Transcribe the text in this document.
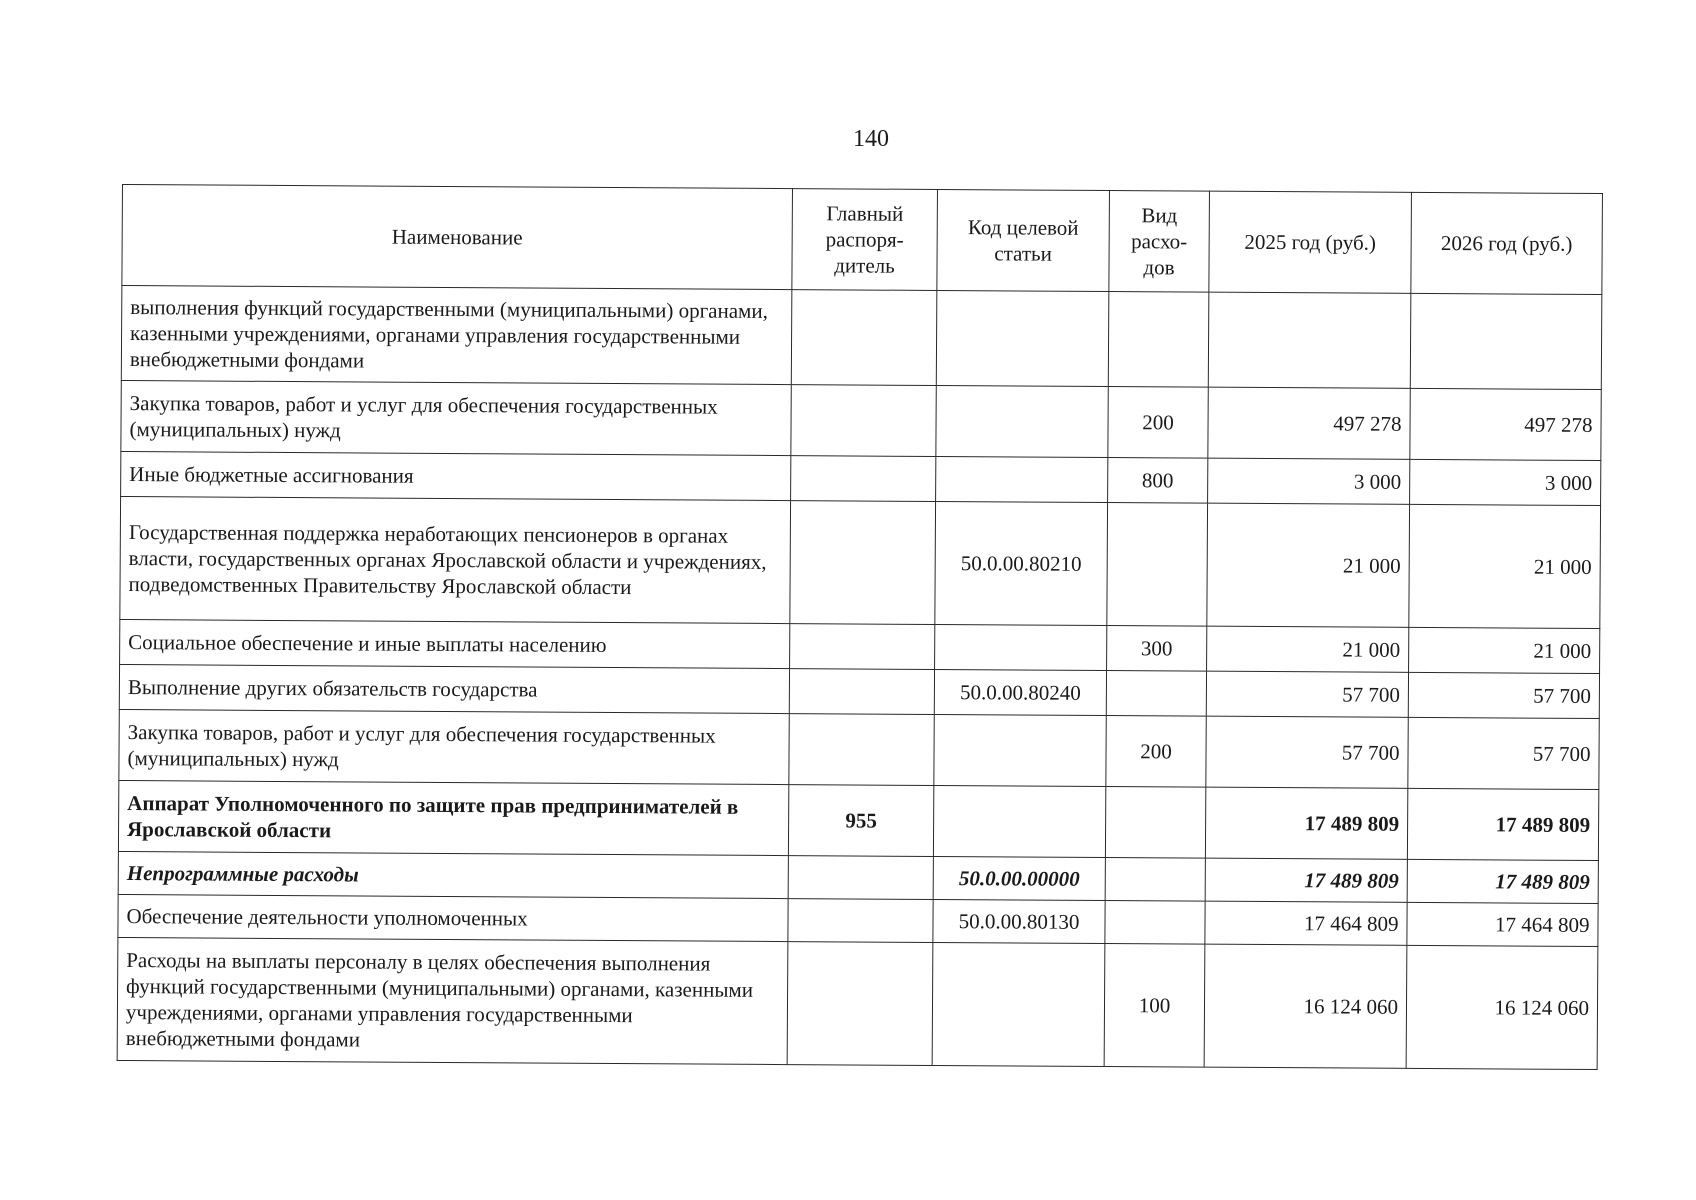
140
Наименование	Главный распоря-дитель	Код целевой статьи	Вид расхо-дов	2025 год (руб.)	2026 год (руб.)
выполнения функций государственными (муниципальными) органами, казенными учреждениями, органами управления государственными внебюджетными фондами					
Закупка товаров, работ и услуг для обеспечения государственных (муниципальных) нужд			200	497 278	497 278
Иные бюджетные ассигнования			800	3 000	3 000
Государственная поддержка неработающих пенсионеров в органах власти, государственных органах Ярославской области и учреждениях, подведомственных Правительству Ярославской области		50.0.00.80210		21 000	21 000
Социальное обеспечение и иные выплаты населению			300	21 000	21 000
Выполнение других обязательств государства		50.0.00.80240		57 700	57 700
Закупка товаров, работ и услуг для обеспечения государственных (муниципальных) нужд			200	57 700	57 700
Аппарат Уполномоченного по защите прав предпринимателей в Ярославской области	955			17 489 809	17 489 809
Непрограммные расходы		50.0.00.00000		17 489 809	17 489 809
Обеспечение деятельности уполномоченных		50.0.00.80130		17 464 809	17 464 809
Расходы на выплаты персоналу в целях обеспечения выполнения функций государственными (муниципальными) органами, казенными учреждениями, органами управления государственными внебюджетными фондами			100	16 124 060	16 124 060
